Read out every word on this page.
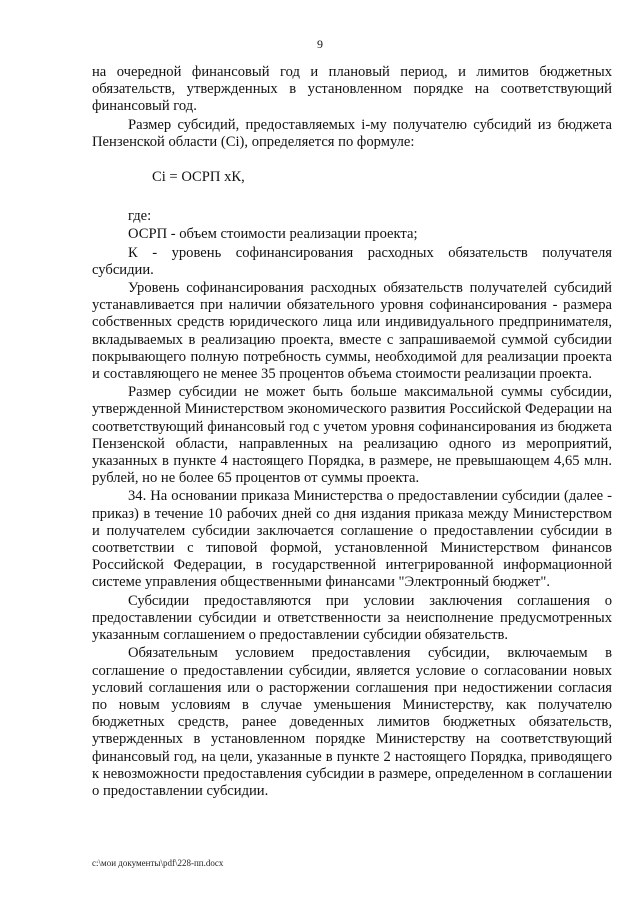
9

на очередной финансовый год и плановый период, и лимитов бюджетных обязательств, утвержденных в установленном порядке на соответствующий финансовый год.

Размер субсидий, предоставляемых i-му получателю субсидий из бюджета Пензенской области (Ci), определяется по формуле:

Ci = ОСРП хК,

где:

ОСРП - объем стоимости реализации проекта;

К - уровень софинансирования расходных обязательств получателя субсидии.

Уровень софинансирования расходных обязательств получателей субсидий устанавливается при наличии обязательного уровня софинансирования - размера собственных средств юридического лица или индивидуального предпринимателя, вкладываемых в реализацию проекта, вместе с запрашиваемой суммой субсидии покрывающего полную потребность суммы, необходимой для реализации проекта и составляющего не менее 35 процентов объема стоимости реализации проекта.

Размер субсидии не может быть больше максимальной суммы субсидии, утвержденной Министерством экономического развития Российской Федерации на соответствующий финансовый год с учетом уровня софинансирования из бюджета Пензенской области, направленных на реализацию одного из мероприятий, указанных в пункте 4 настоящего Порядка, в размере, не превышающем 4,65 млн. рублей, но не более 65 процентов от суммы проекта.

34. На основании приказа Министерства о предоставлении субсидии (далее - приказ) в течение 10 рабочих дней со дня издания приказа между Министерством и получателем субсидии заключается соглашение о предоставлении субсидии в соответствии с типовой формой, установленной Министерством финансов Российской Федерации, в государственной интегрированной информационной системе управления общественными финансами "Электронный бюджет".

Субсидии предоставляются при условии заключения соглашения о предоставлении субсидии и ответственности за неисполнение предусмотренных указанным соглашением о предоставлении субсидии обязательств.

Обязательным условием предоставления субсидии, включаемым в соглашение о предоставлении субсидии, является условие о согласовании новых условий соглашения или о расторжении соглашения при недостижении согласия по новым условиям в случае уменьшения Министерству, как получателю бюджетных средств, ранее доведенных лимитов бюджетных обязательств, утвержденных в установленном порядке Министерству на соответствующий финансовый год, на цели, указанные в пункте 2 настоящего Порядка, приводящего к невозможности предоставления субсидии в размере, определенном в соглашении о предоставлении субсидии.

c:\мои документы\pdf\228-пп.docx
